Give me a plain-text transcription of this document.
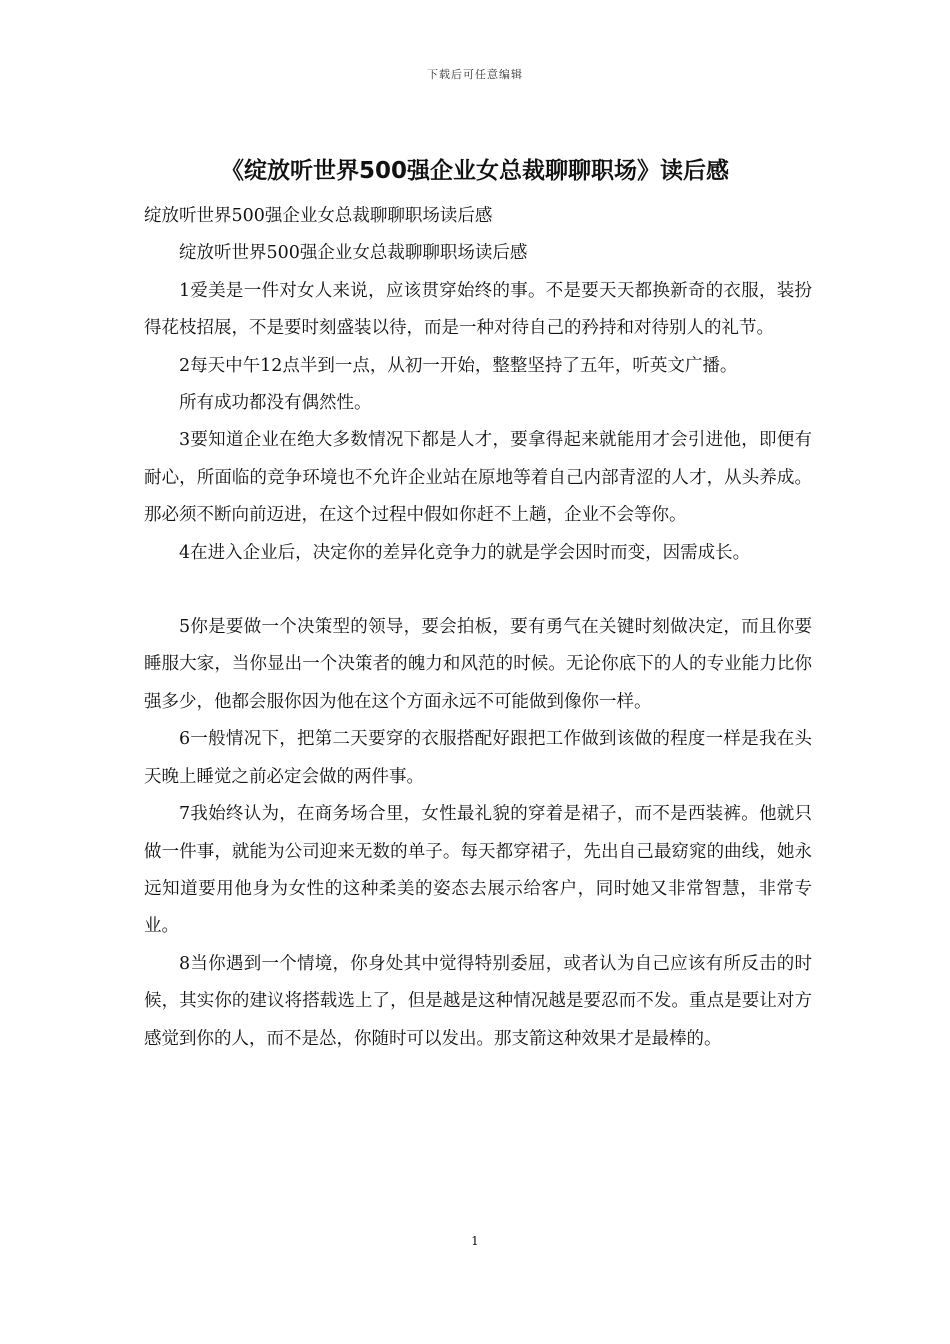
下载后可任意编辑
《绽放听世界500强企业女总裁聊聊职场》读后感

绽放听世界500强企业女总裁聊聊职场读后感

绽放听世界500强企业女总裁聊聊职场读后感

1爱美是一件对女人来说，应该贯穿始终的事。不是要天天都换新奇的衣服，装扮得花枝招展，不是要时刻盛装以待，而是一种对待自己的矜持和对待别人的礼节。

2每天中午12点半到一点，从初一开始，整整坚持了五年，听英文广播。

所有成功都没有偶然性。

3要知道企业在绝大多数情况下都是人才，要拿得起来就能用才会引进他，即便有耐心，所面临的竞争环境也不允许企业站在原地等着自己内部青涩的人才，从头养成。那必须不断向前迈进，在这个过程中假如你赶不上趟，企业不会等你。

4在进入企业后，决定你的差异化竞争力的就是学会因时而变，因需成长。

5你是要做一个决策型的领导，要会拍板，要有勇气在关键时刻做决定，而且你要睡服大家，当你显出一个决策者的魄力和风范的时候。无论你底下的人的专业能力比你强多少，他都会服你因为他在这个方面永远不可能做到像你一样。

6一般情况下，把第二天要穿的衣服搭配好跟把工作做到该做的程度一样是我在头天晚上睡觉之前必定会做的两件事。

7我始终认为，在商务场合里，女性最礼貌的穿着是裙子，而不是西装裤。他就只做一件事，就能为公司迎来无数的单子。每天都穿裙子，先出自己最窈窕的曲线，她永远知道要用他身为女性的这种柔美的姿态去展示给客户，同时她又非常智慧，非常专业。

8当你遇到一个情境，你身处其中觉得特别委屈，或者认为自己应该有所反击的时候，其实你的建议将搭载选上了，但是越是这种情况越是要忍而不发。重点是要让对方感觉到你的人，而不是怂，你随时可以发出。那支箭这种效果才是最棒的。

1
